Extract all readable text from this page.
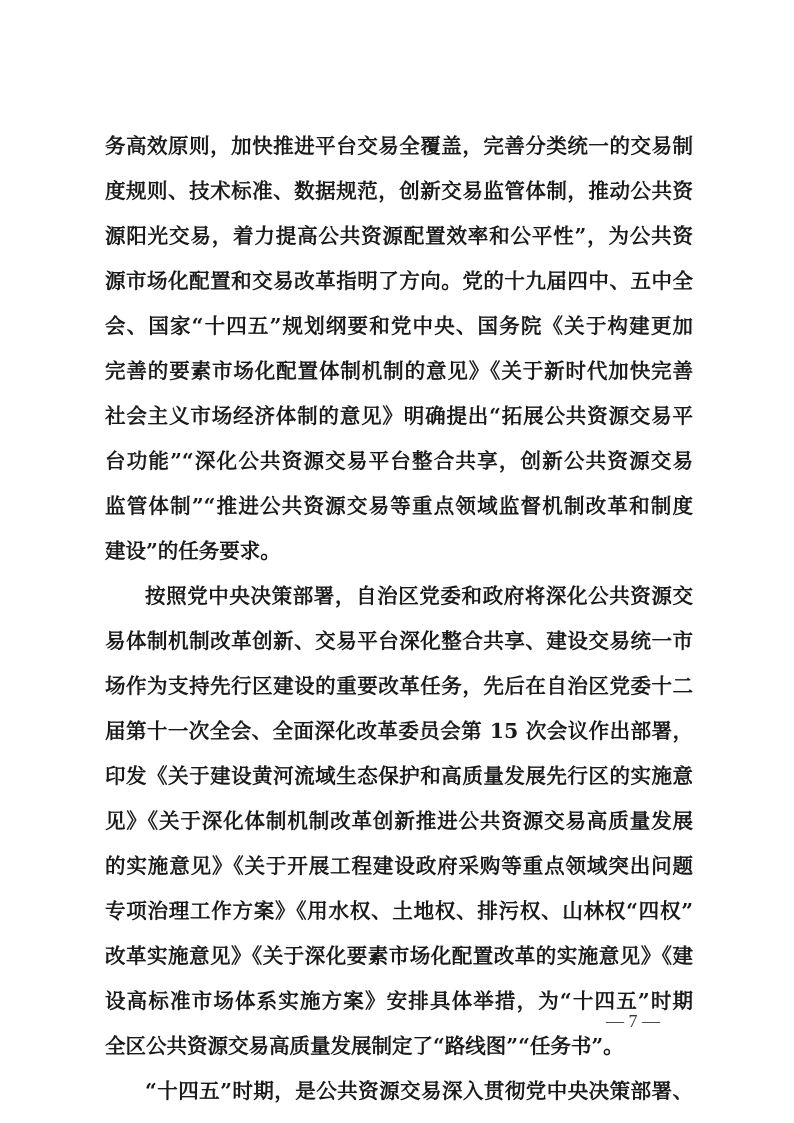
务高效原则，加快推进平台交易全覆盖，完善分类统一的交易制
度规则、技术标准、数据规范，创新交易监管体制，推动公共资
源阳光交易，着力提高公共资源配置效率和公平性”，为公共资
源市场化配置和交易改革指明了方向。党的十九届四中、五中全
会、国家“十四五”规划纲要和党中央、国务院《关于构建更加
完善的要素市场化配置体制机制的意见》《关于新时代加快完善
社会主义市场经济体制的意见》明确提出“拓展公共资源交易平
台功能”“深化公共资源交易平台整合共享，创新公共资源交易
监管体制”“推进公共资源交易等重点领域监督机制改革和制度
建设”的任务要求。
按照党中央决策部署，自治区党委和政府将深化公共资源交
易体制机制改革创新、交易平台深化整合共享、建设交易统一市
场作为支持先行区建设的重要改革任务，先后在自治区党委十二
届第十一次全会、全面深化改革委员会第 15 次会议作出部署，
印发《关于建设黄河流域生态保护和高质量发展先行区的实施意
见》《关于深化体制机制改革创新推进公共资源交易高质量发展
的实施意见》《关于开展工程建设政府采购等重点领域突出问题
专项治理工作方案》《用水权、土地权、排污权、山林权“四权”
改革实施意见》《关于深化要素市场化配置改革的实施意见》《建
设高标准市场体系实施方案》安排具体举措，为“十四五”时期
全区公共资源交易高质量发展制定了“路线图”“任务书”。
“十四五”时期，是公共资源交易深入贯彻党中央决策部署、
— 7 —
